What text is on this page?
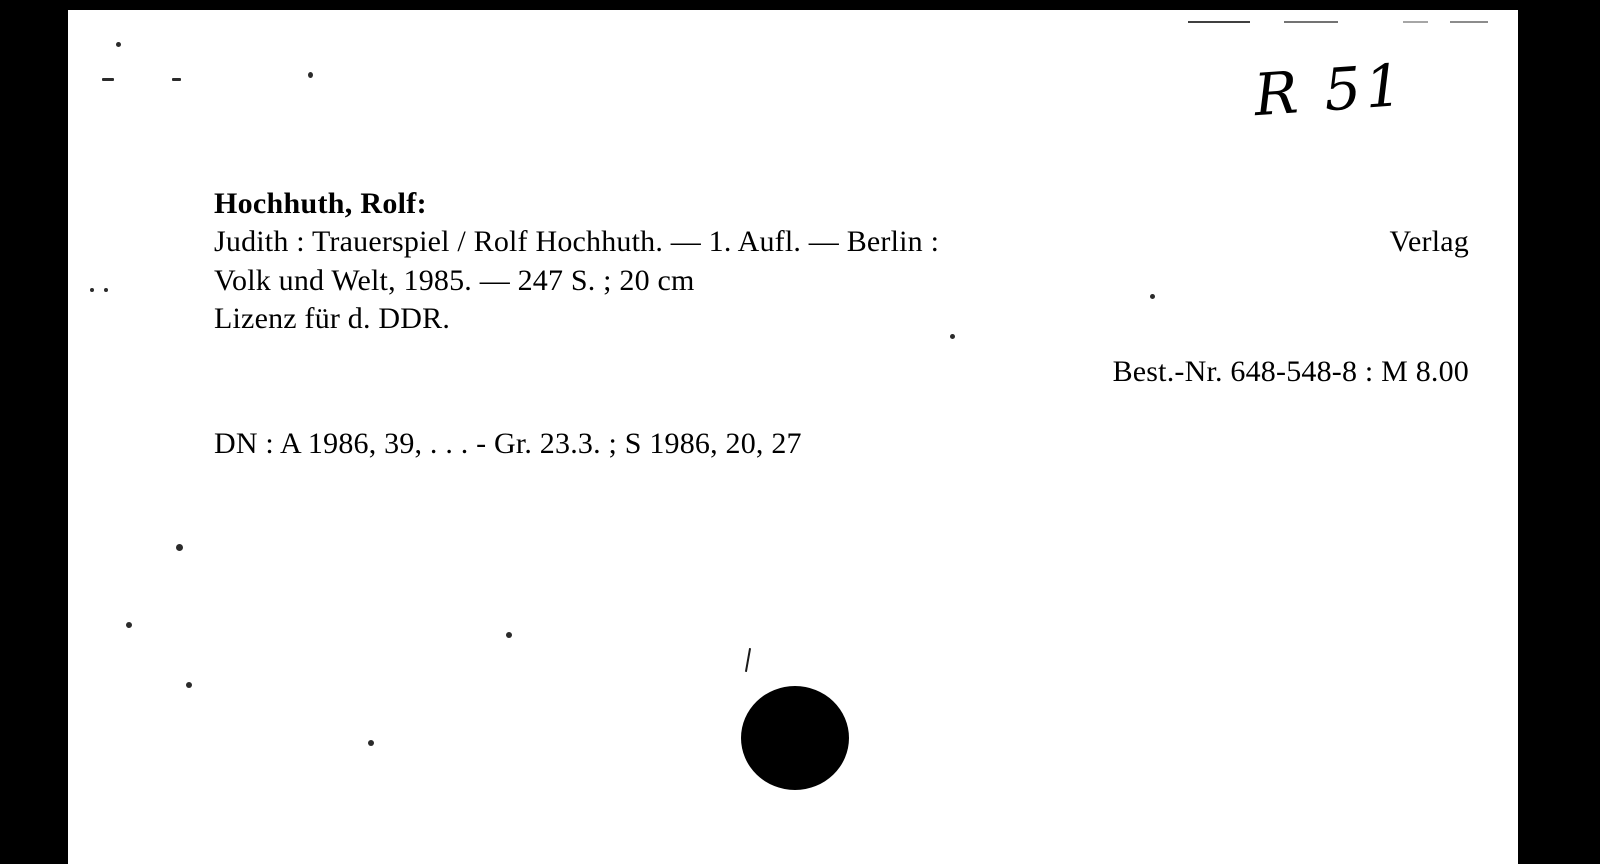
R 51

Hochhuth, Rolf:

Judith : Trauerspiel / Rolf Hochhuth. — 1. Aufl. — Berlin :	Verlag

Volk und Welt, 1985. — 247 S. ; 20 cm

Lizenz für d. DDR.

Best.-Nr. 648-548-8 : M 8.00

DN : A 1986, 39, . . . - Gr. 23.3. ; S 1986, 20, 27
